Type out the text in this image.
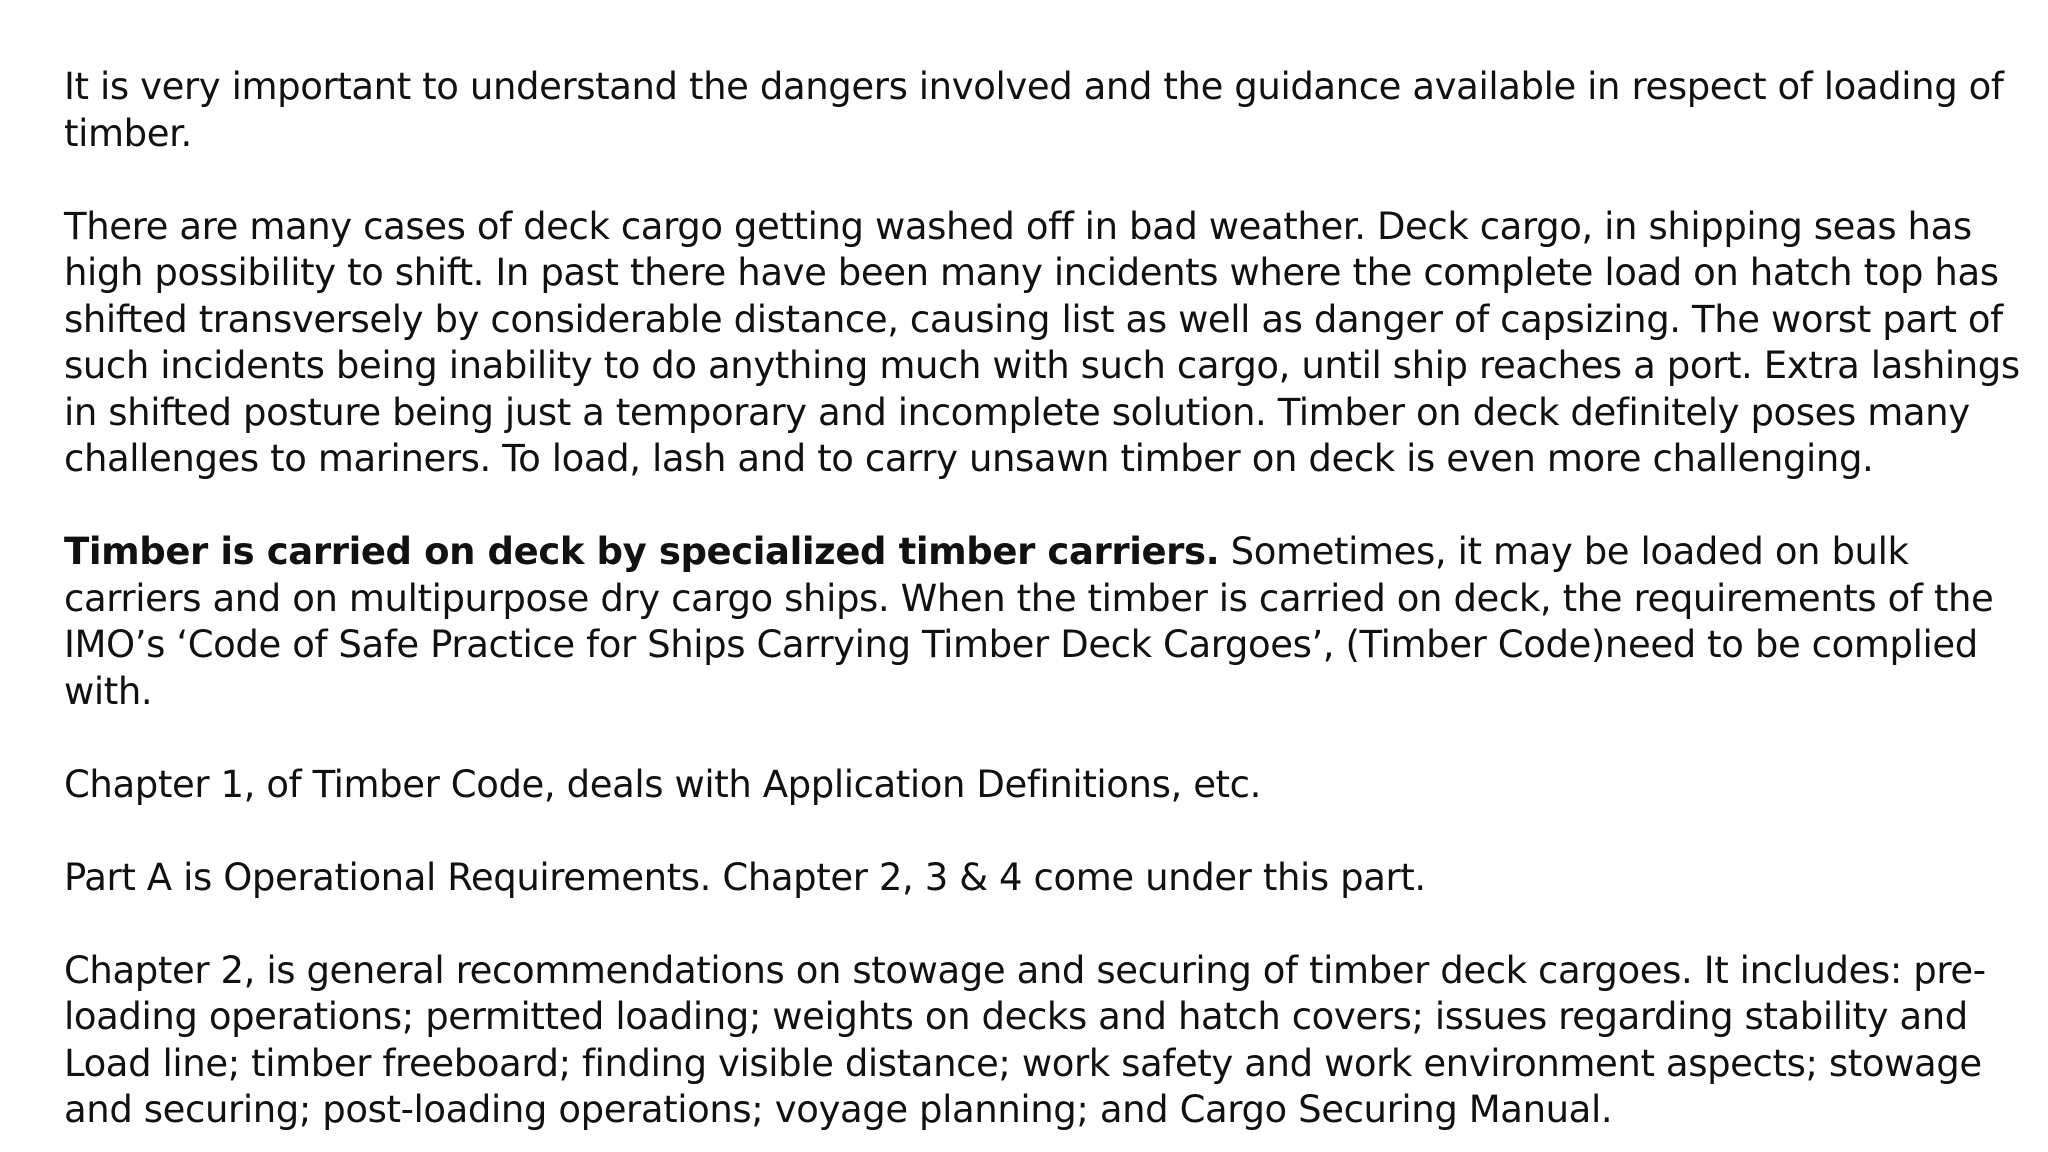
It is very important to understand the dangers involved and the guidance available in respect of loading of timber.

There are many cases of deck cargo getting washed off in bad weather. Deck cargo, in shipping seas has high possibility to shift. In past there have been many incidents where the complete load on hatch top has shifted transversely by considerable distance, causing list as well as danger of capsizing. The worst part of such incidents being inability to do anything much with such cargo, until ship reaches a port. Extra lashings in shifted posture being just a temporary and incomplete solution. Timber on deck definitely poses many challenges to mariners. To load, lash and to carry unsawn timber on deck is even more challenging.

Timber is carried on deck by specialized timber carriers. Sometimes, it may be loaded on bulk carriers and on multipurpose dry cargo ships. When the timber is carried on deck, the requirements of the IMO’s ‘Code of Safe Practice for Ships Carrying Timber Deck Cargoes’, (Timber Code)need to be complied with.

Chapter 1, of Timber Code, deals with Application Definitions, etc.

Part A is Operational Requirements. Chapter 2, 3 & 4 come under this part.

Chapter 2, is general recommendations on stowage and securing of timber deck cargoes. It includes: pre-loading operations; permitted loading; weights on decks and hatch covers; issues regarding stability and Load line; timber freeboard; finding visible distance; work safety and work environment aspects; stowage and securing; post-loading operations; voyage planning; and Cargo Securing Manual.
